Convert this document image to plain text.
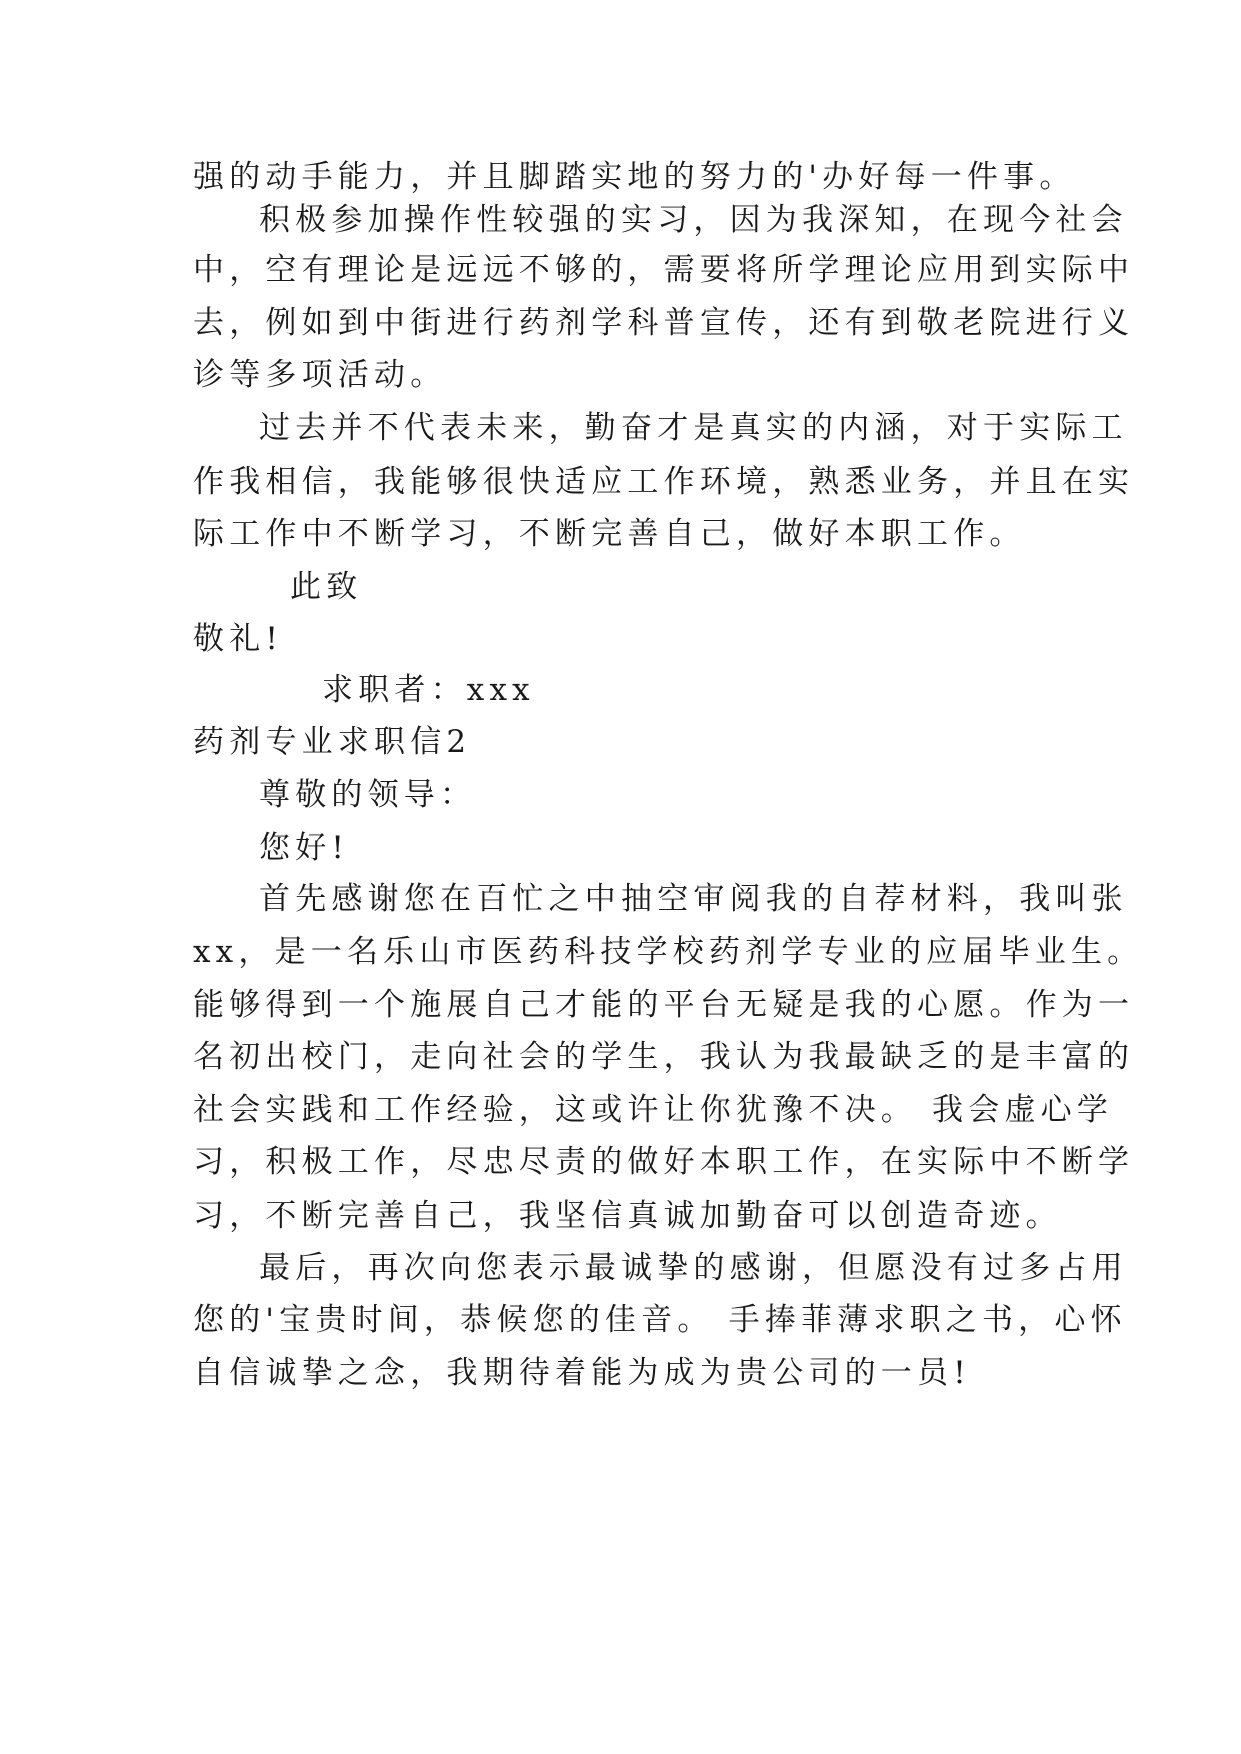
强的动手能力，并且脚踏实地的努力的'办好每一件事。
积极参加操作性较强的实习，因为我深知，在现今社会
中，空有理论是远远不够的，需要将所学理论应用到实际中
去，例如到中街进行药剂学科普宣传，还有到敬老院进行义
诊等多项活动。
过去并不代表未来，勤奋才是真实的内涵，对于实际工
作我相信，我能够很快适应工作环境，熟悉业务，并且在实
际工作中不断学习，不断完善自己，做好本职工作。
此致
敬礼!
求职者：xxx
药剂专业求职信2
尊敬的领导：
您好!
首先感谢您在百忙之中抽空审阅我的自荐材料，我叫张
xx，是一名乐山市医药科技学校药剂学专业的应届毕业生。
能够得到一个施展自己才能的平台无疑是我的心愿。作为一
名初出校门，走向社会的学生，我认为我最缺乏的是丰富的
社会实践和工作经验，这或许让你犹豫不决。 我会虚心学
习，积极工作，尽忠尽责的做好本职工作，在实际中不断学
习，不断完善自己，我坚信真诚加勤奋可以创造奇迹。
最后，再次向您表示最诚挚的感谢，但愿没有过多占用
您的'宝贵时间，恭候您的佳音。 手捧菲薄求职之书，心怀
自信诚挚之念，我期待着能为成为贵公司的一员!
